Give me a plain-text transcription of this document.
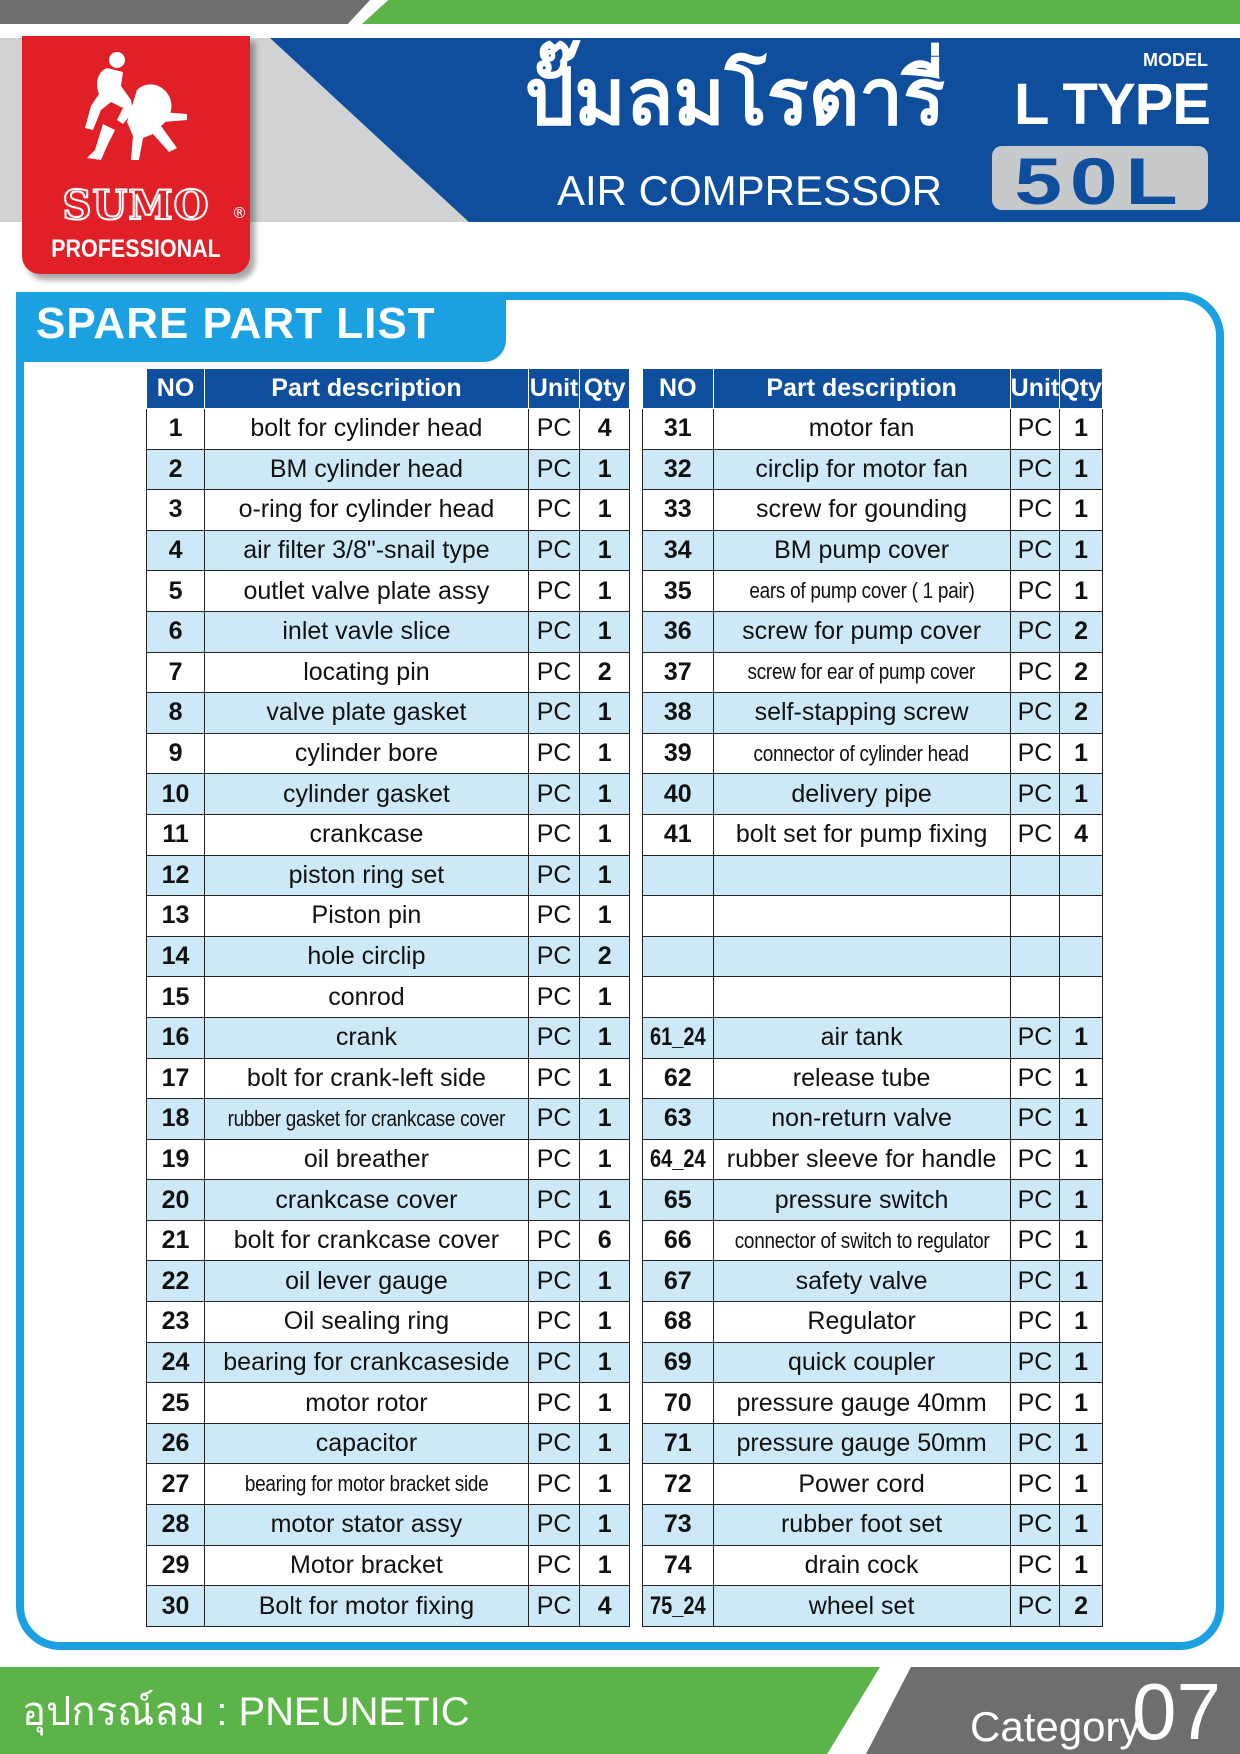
SUMO	®
PROFESSIONAL
ปั๊มลมโรตารี่
AIR COMPRESSOR
MODEL
L TYPE
50L
SPARE PART LIST
NO	Part description	Unit	Qty
1	bolt for cylinder head	PC	4
2	BM cylinder head	PC	1
3	o-ring for cylinder head	PC	1
4	air filter 3/8"-snail type	PC	1
5	outlet valve plate assy	PC	1
6	inlet vavle slice	PC	1
7	locating pin	PC	2
8	valve plate gasket	PC	1
9	cylinder bore	PC	1
10	cylinder gasket	PC	1
11	crankcase	PC	1
12	piston ring set	PC	1
13	Piston pin	PC	1
14	hole circlip	PC	2
15	conrod	PC	1
16	crank	PC	1
17	bolt for crank-left side	PC	1
18	rubber gasket for crankcase cover	PC	1
19	oil breather	PC	1
20	crankcase cover	PC	1
21	bolt for crankcase cover	PC	6
22	oil lever gauge	PC	1
23	Oil sealing ring	PC	1
24	bearing for crankcaseside	PC	1
25	motor rotor	PC	1
26	capacitor	PC	1
27	bearing for motor bracket side	PC	1
28	motor stator assy	PC	1
29	Motor bracket	PC	1
30	Bolt for motor fixing	PC	4
NO	Part description	Unit	Qty
31	motor fan	PC	1
32	circlip for motor fan	PC	1
33	screw for gounding	PC	1
34	BM pump cover	PC	1
35	ears of pump cover ( 1 pair)	PC	1
36	screw for pump cover	PC	2
37	screw for ear of pump cover	PC	2
38	self-stapping screw	PC	2
39	connector of cylinder head	PC	1
40	delivery pipe	PC	1
41	bolt set for pump fixing	PC	4

61_24	air tank	PC	1
62	release tube	PC	1
63	non-return valve	PC	1
64_24	rubber sleeve for handle	PC	1
65	pressure switch	PC	1
66	connector of switch to regulator	PC	1
67	safety valve	PC	1
68	Regulator	PC	1
69	quick coupler	PC	1
70	pressure gauge 40mm	PC	1
71	pressure gauge 50mm	PC	1
72	Power cord	PC	1
73	rubber foot set	PC	1
74	drain cock	PC	1
75_24	wheel set	PC	2
อุปกรณ์ลม : PNEUNETIC	Category
07
